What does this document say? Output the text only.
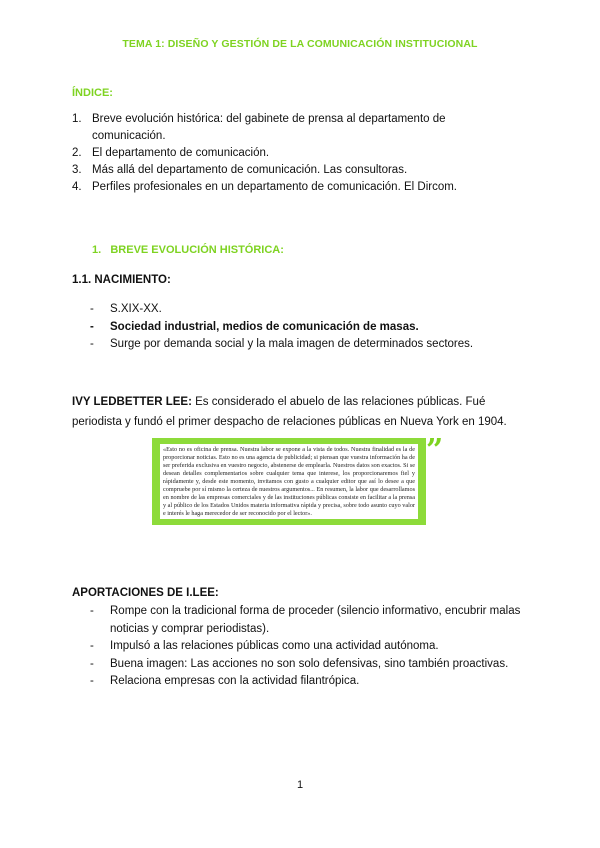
TEMA 1: DISEÑO Y GESTIÓN DE LA COMUNICACIÓN INSTITUCIONAL
ÍNDICE:
1. Breve evolución histórica: del gabinete de prensa al departamento de comunicación.
2. El departamento de comunicación.
3. Más allá del departamento de comunicación. Las consultoras.
4. Perfiles profesionales en un departamento de comunicación. El Dircom.
1.   BREVE EVOLUCIÓN HISTÓRICA:
1.1. NACIMIENTO:
- S.XIX-XX.
- Sociedad industrial, medios de comunicación de masas.
- Surge por demanda social y la mala imagen de determinados sectores.
IVY LEDBETTER LEE: Es considerado el abuelo de las relaciones públicas. Fué periodista y fundó el primer despacho de relaciones públicas en Nueva York en 1904.
«Esto no es oficina de prensa. Nuestra labor se expone a la vista de todos. Nuestra finalidad es la de proporcionar noticias. Esto no es una agencia de publicidad; si piensan que vuestra información ha de ser preferida exclusiva en vuestro negocio, abstenerse de emplearla. Nuestros datos son exactos. Si se desean detalles complementarios sobre cualquier tema que interese, los proporcionaremos fiel y rápidamente y, desde este momento, invitamos con gusto a cualquier editor que así lo desee a que compruebe por sí mismo la certeza de nuestros argumentos... En resumen, la labor que desarrollamos en nombre de las empresas comerciales y de las instituciones públicas consiste en facilitar a la prensa y al público de los Estados Unidos materia informativa rápida y precisa, sobre todo asunto cuyo valor e interés le haga merecedor de ser reconocido por el lector».
”
APORTACIONES DE I.LEE:
- Rompe con la tradicional forma de proceder (silencio informativo, encubrir malas noticias y comprar periodistas).
- Impulsó a las relaciones públicas como una actividad autónoma.
- Buena imagen: Las acciones no son solo defensivas, sino también proactivas.
- Relaciona empresas con la actividad filantrópica.
1
